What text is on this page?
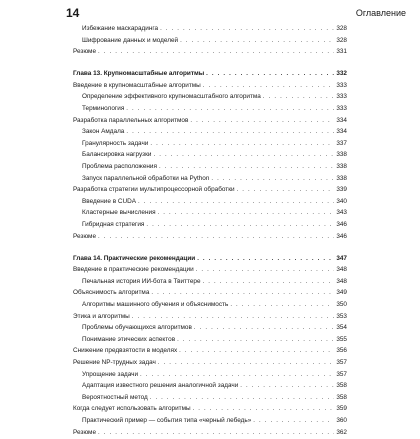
14	Оглавление
Избежание маскарадинга . . .	328
Шифрование данных и моделей . . .	328
Резюме . . .	331
Глава 13. Крупномасштабные алгоритмы . . .	332
Введение в крупномасштабные алгоритмы . . .	333
Определение эффективного крупномасштабного алгоритма . . .	333
Терминология . . .	333
Разработка параллельных алгоритмов . . .	334
Закон Амдала . . .	334
Гранулярность задачи . . .	337
Балансировка нагрузки . . .	338
Проблема расположения . . .	338
Запуск параллельной обработки на Python . . .	338
Разработка стратегии мультипроцессорной обработки . . .	339
Введение в CUDA . . .	340
Кластерные вычисления . . .	343
Гибридная стратегия . . .	346
Резюме . . .	346
Глава 14. Практические рекомендации . . .	347
Введение в практические рекомендации . . .	348
Печальная история ИИ-бота в Твиттере . . .	348
Объяснимость алгоритма . . .	349
Алгоритмы машинного обучения и объяснимость . . .	350
Этика и алгоритмы . . .	353
Проблемы обучающихся алгоритмов . . .	354
Понимание этических аспектов . . .	355
Снижение предвзятости в моделях . . .	356
Решение NP-трудных задач . . .	357
Упрощение задачи . . .	357
Адаптация известного решения аналогичной задачи . . .	358
Вероятностный метод . . .	358
Когда следует использовать алгоритмы . . .	359
Практический пример — события типа «черный лебедь» . . .	360
Резюме . . .	362
